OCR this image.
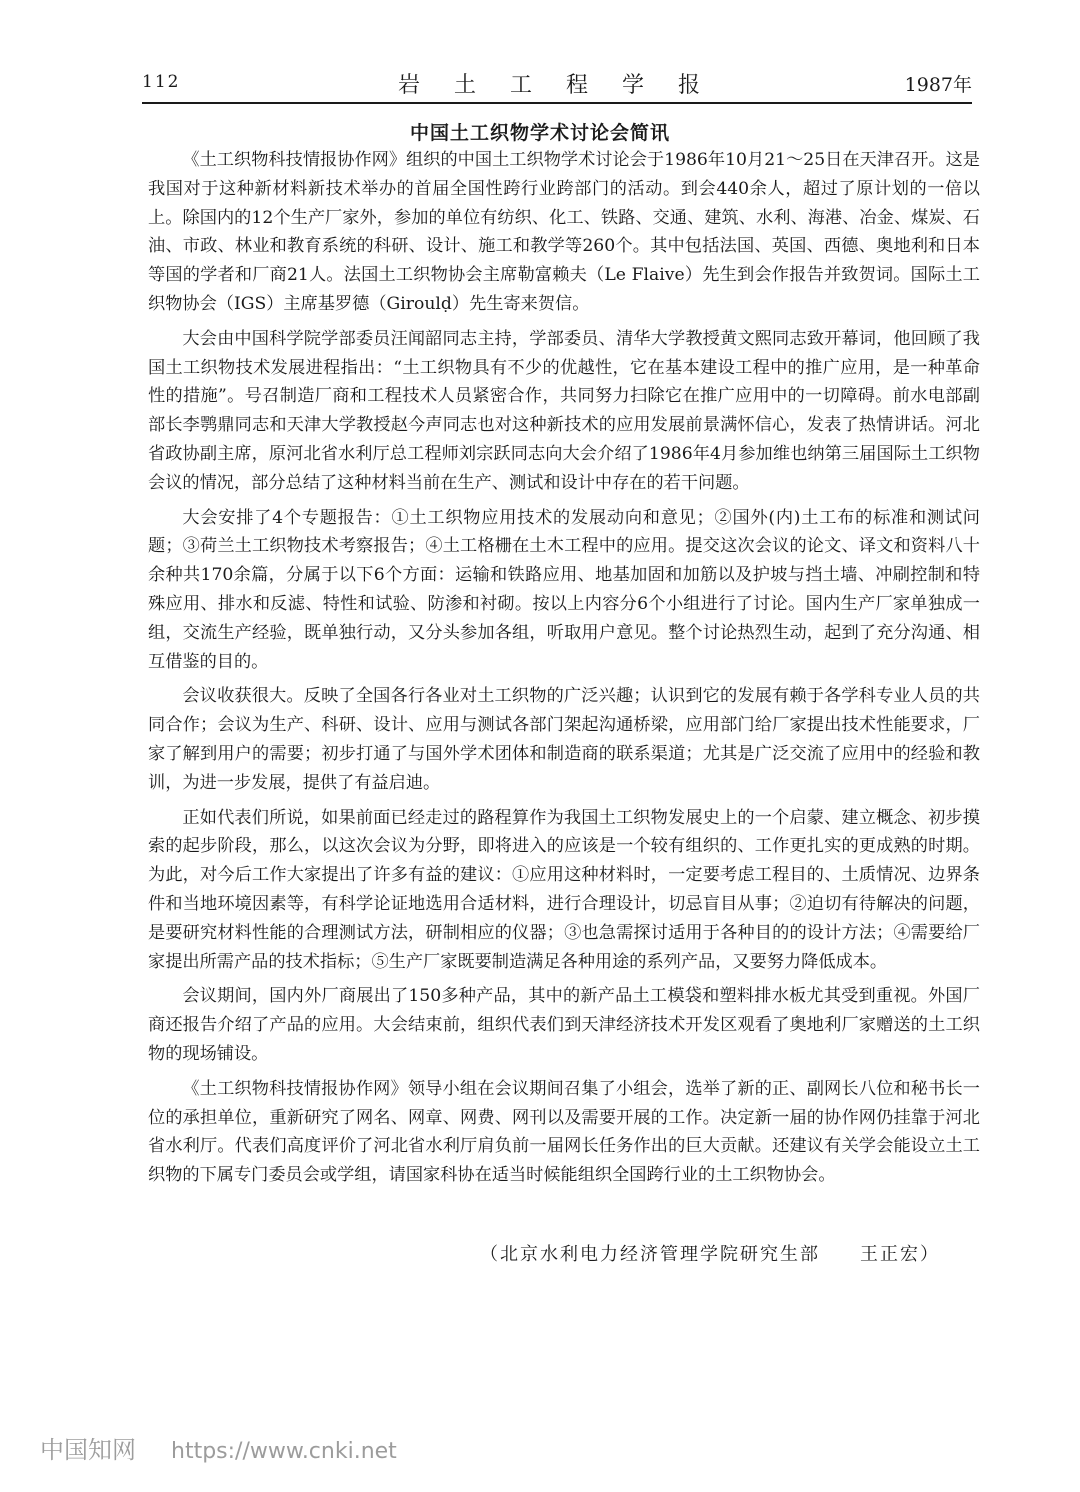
112	岩土工程学报	1987年
中国土工织物学术讨论会简讯

《土工织物科技情报协作网》组织的中国土工织物学术讨论会于1986年10月21～25日在天津召开。这是我国对于这种新材料新技术举办的首届全国性跨行业跨部门的活动。到会440余人，超过了原计划的一倍以上。除国内的12个生产厂家外，参加的单位有纺织、化工、铁路、交通、建筑、水利、海港、冶金、煤炭、石油、市政、林业和教育系统的科研、设计、施工和教学等260个。其中包括法国、英国、西德、奥地利和日本等国的学者和厂商21人。法国土工织物协会主席勒富赖夫（Le Flaive）先生到会作报告并致贺词。国际土工织物协会（IGS）主席基罗德（Giroulḍ）先生寄来贺信。

大会由中国科学院学部委员汪闻韶同志主持，学部委员、清华大学教授黄文熙同志致开幕词，他回顾了我国土工织物技术发展进程指出：“土工织物具有不少的优越性，它在基本建设工程中的推广应用，是一种革命性的措施”。号召制造厂商和工程技术人员紧密合作，共同努力扫除它在推广应用中的一切障碍。前水电部副部长李鹗鼎同志和天津大学教授赵今声同志也对这种新技术的应用发展前景满怀信心，发表了热情讲话。河北省政协副主席，原河北省水利厅总工程师刘宗跃同志向大会介绍了1986年4月参加维也纳第三届国际土工织物会议的情况，部分总结了这种材料当前在生产、测试和设计中存在的若干问题。

大会安排了4个专题报告：①土工织物应用技术的发展动向和意见；②国外(内)土工布的标准和测试问题；③荷兰土工织物技术考察报告；④土工格栅在土木工程中的应用。提交这次会议的论文、译文和资料八十余种共170余篇，分属于以下6个方面：运输和铁路应用、地基加固和加筋以及护坡与挡土墙、冲刷控制和特殊应用、排水和反滤、特性和试验、防渗和衬砌。按以上内容分6个小组进行了讨论。国内生产厂家单独成一组，交流生产经验，既单独行动，又分头参加各组，听取用户意见。整个讨论热烈生动，起到了充分沟通、相互借鉴的目的。

会议收获很大。反映了全国各行各业对土工织物的广泛兴趣；认识到它的发展有赖于各学科专业人员的共同合作；会议为生产、科研、设计、应用与测试各部门架起沟通桥梁，应用部门给厂家提出技术性能要求，厂家了解到用户的需要；初步打通了与国外学术团体和制造商的联系渠道；尤其是广泛交流了应用中的经验和教训，为进一步发展，提供了有益启迪。

正如代表们所说，如果前面已经走过的路程算作为我国土工织物发展史上的一个启蒙、建立概念、初步摸索的起步阶段，那么，以这次会议为分野，即将进入的应该是一个较有组织的、工作更扎实的更成熟的时期。为此，对今后工作大家提出了许多有益的建议：①应用这种材料时，一定要考虑工程目的、土质情况、边界条件和当地环境因素等，有科学论证地选用合适材料，进行合理设计，切忌盲目从事；②迫切有待解决的问题，是要研究材料性能的合理测试方法，研制相应的仪器；③也急需探讨适用于各种目的的设计方法；④需要给厂家提出所需产品的技术指标；⑤生产厂家既要制造满足各种用途的系列产品，又要努力降低成本。

会议期间，国内外厂商展出了150多种产品，其中的新产品土工模袋和塑料排水板尤其受到重视。外国厂商还报告介绍了产品的应用。大会结束前，组织代表们到天津经济技术开发区观看了奥地利厂家赠送的土工织物的现场铺设。

《土工织物科技情报协作网》领导小组在会议期间召集了小组会，选举了新的正、副网长八位和秘书长一位的承担单位，重新研究了网名、网章、网费、网刊以及需要开展的工作。决定新一届的协作网仍挂靠于河北省水利厅。代表们高度评价了河北省水利厅肩负前一届网长任务作出的巨大贡献。还建议有关学会能设立土工织物的下属专门委员会或学组，请国家科协在适当时候能组织全国跨行业的土工织物协会。

（北京水利电力经济管理学院研究生部　　王正宏）
中国知网 https://www.cnki.net
